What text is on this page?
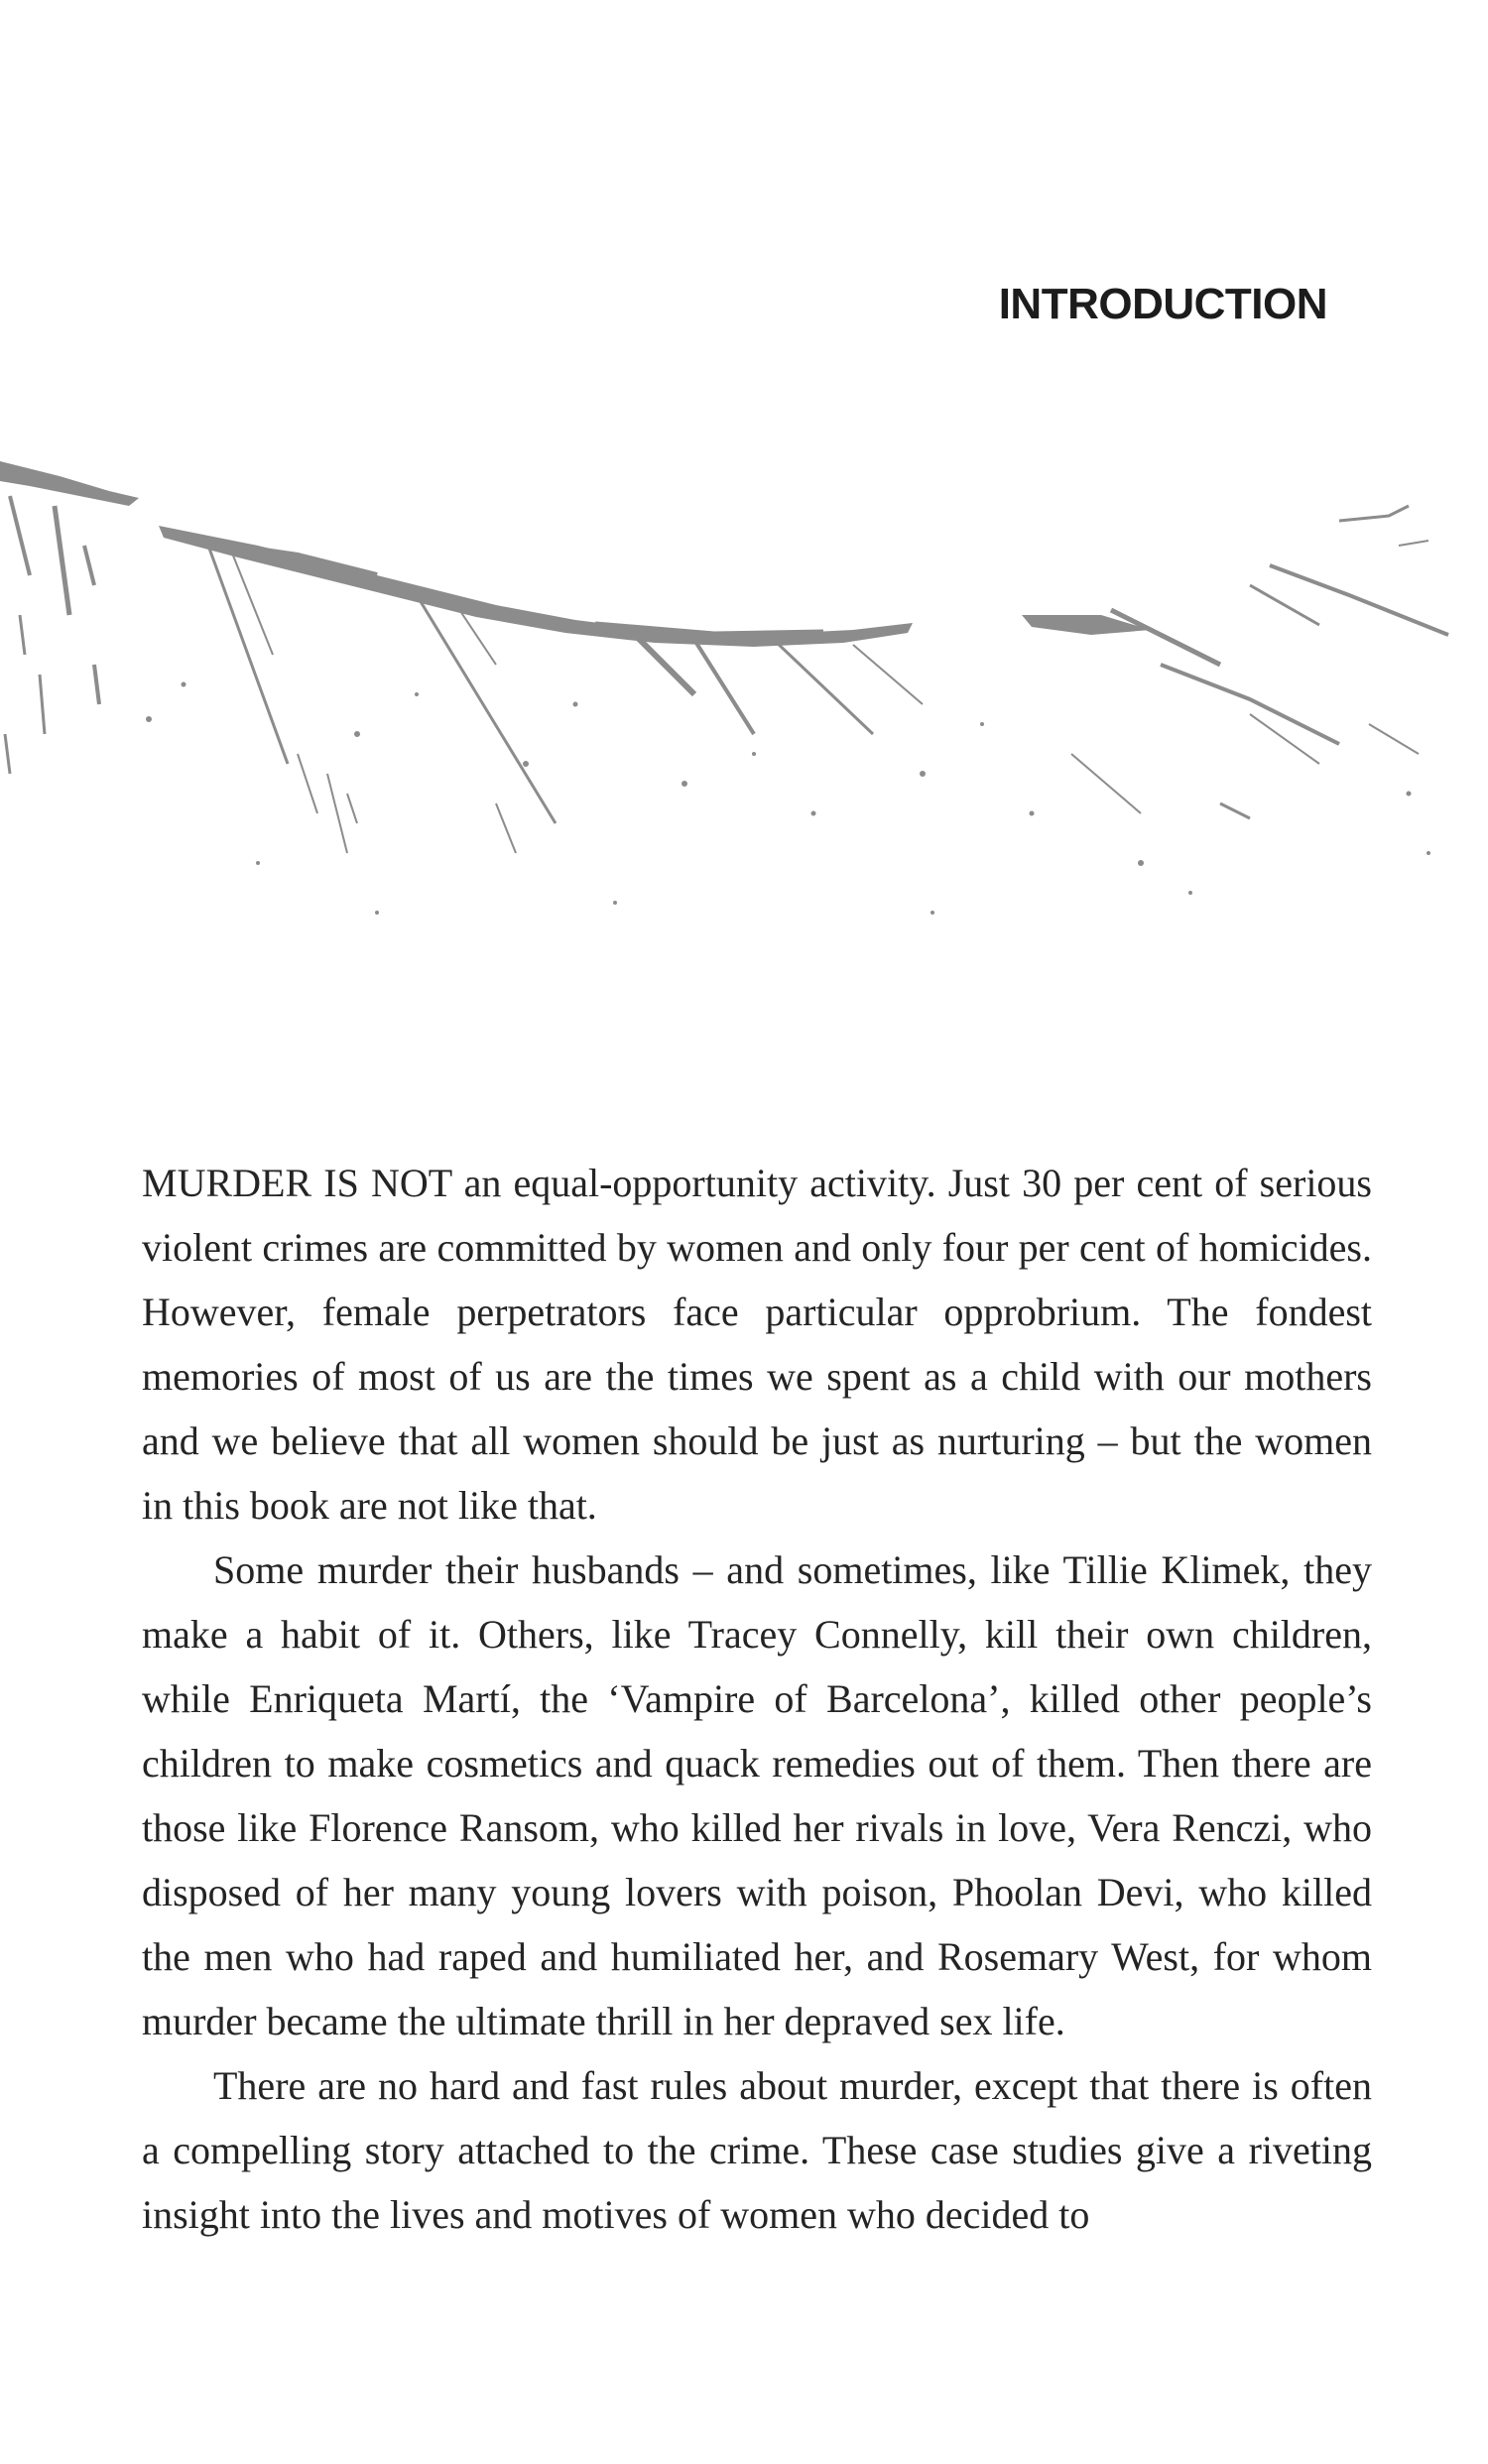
INTRODUCTION

MURDER IS NOT an equal-opportunity activity. Just 30 per cent of serious violent crimes are committed by women and only four per cent of homicides. However, female perpetrators face particular opprobrium. The fondest memories of most of us are the times we spent as a child with our mothers and we believe that all women should be just as nurturing – but the women in this book are not like that.

Some murder their husbands – and sometimes, like Tillie Klimek, they make a habit of it. Others, like Tracey Connelly, kill their own children, while Enriqueta Martí, the ‘Vampire of Barcelona’, killed other people’s children to make cosmetics and quack remedies out of them. Then there are those like Florence Ransom, who killed her rivals in love, Vera Renczi, who disposed of her many young lovers with poison, Phoolan Devi, who killed the men who had raped and humiliated her, and Rosemary West, for whom murder became the ultimate thrill in her depraved sex life.

There are no hard and fast rules about murder, except that there is often a compelling story attached to the crime. These case studies give a riveting insight into the lives and motives of women who decided to
